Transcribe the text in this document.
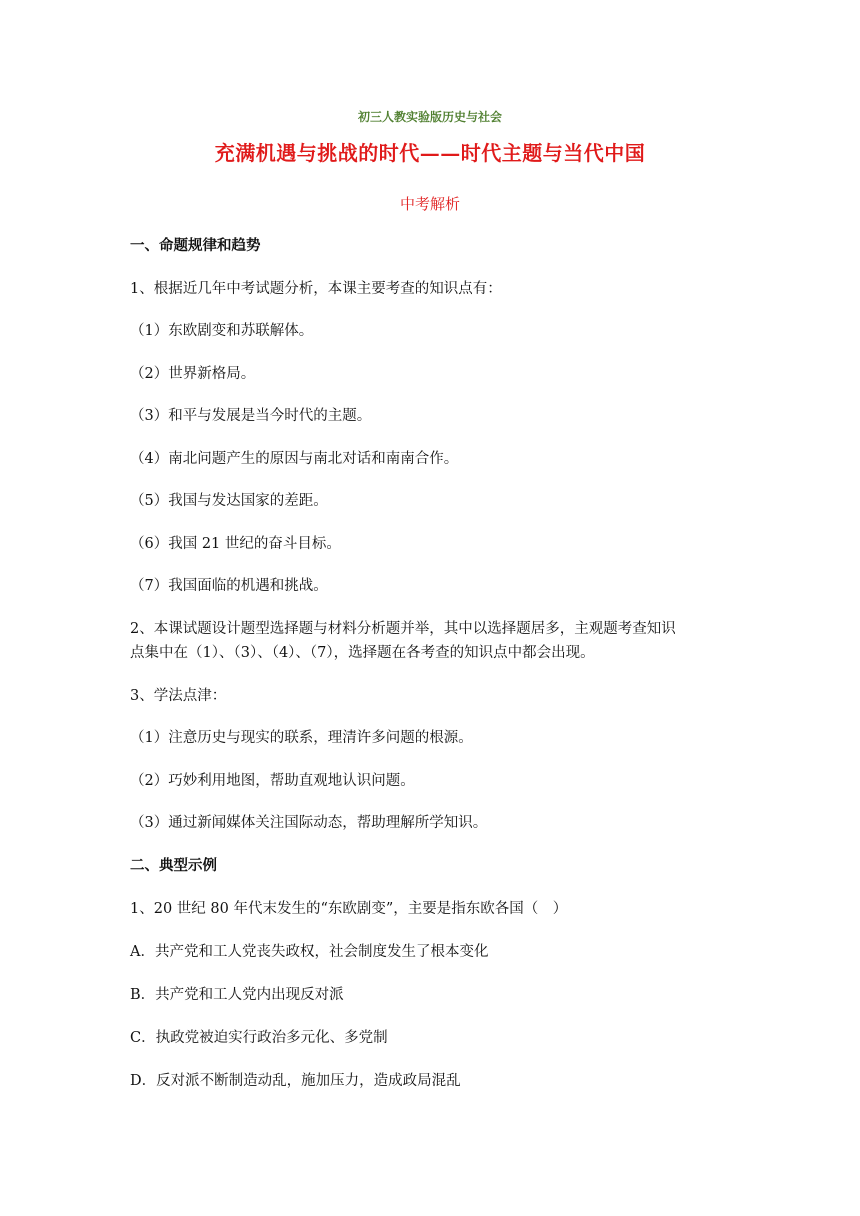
初三人教实验版历史与社会
充满机遇与挑战的时代——时代主题与当代中国
中考解析
一、命题规律和趋势
1、根据近几年中考试题分析，本课主要考查的知识点有：
（1）东欧剧变和苏联解体。
（2）世界新格局。
（3）和平与发展是当今时代的主题。
（4）南北问题产生的原因与南北对话和南南合作。
（5）我国与发达国家的差距。
（6）我国 21 世纪的奋斗目标。
（7）我国面临的机遇和挑战。
2、本课试题设计题型选择题与材料分析题并举，其中以选择题居多，主观题考查知识
点集中在（1）、（3）、（4）、（7），选择题在各考查的知识点中都会出现。
3、学法点津：
（1）注意历史与现实的联系，理清许多问题的根源。
（2）巧妙利用地图，帮助直观地认识问题。
（3）通过新闻媒体关注国际动态，帮助理解所学知识。
二、典型示例
1、20 世纪 80 年代末发生的“东欧剧变”，主要是指东欧各国（　）
A．共产党和工人党丧失政权，社会制度发生了根本变化
B．共产党和工人党内出现反对派
C．执政党被迫实行政治多元化、多党制
D．反对派不断制造动乱，施加压力，造成政局混乱
